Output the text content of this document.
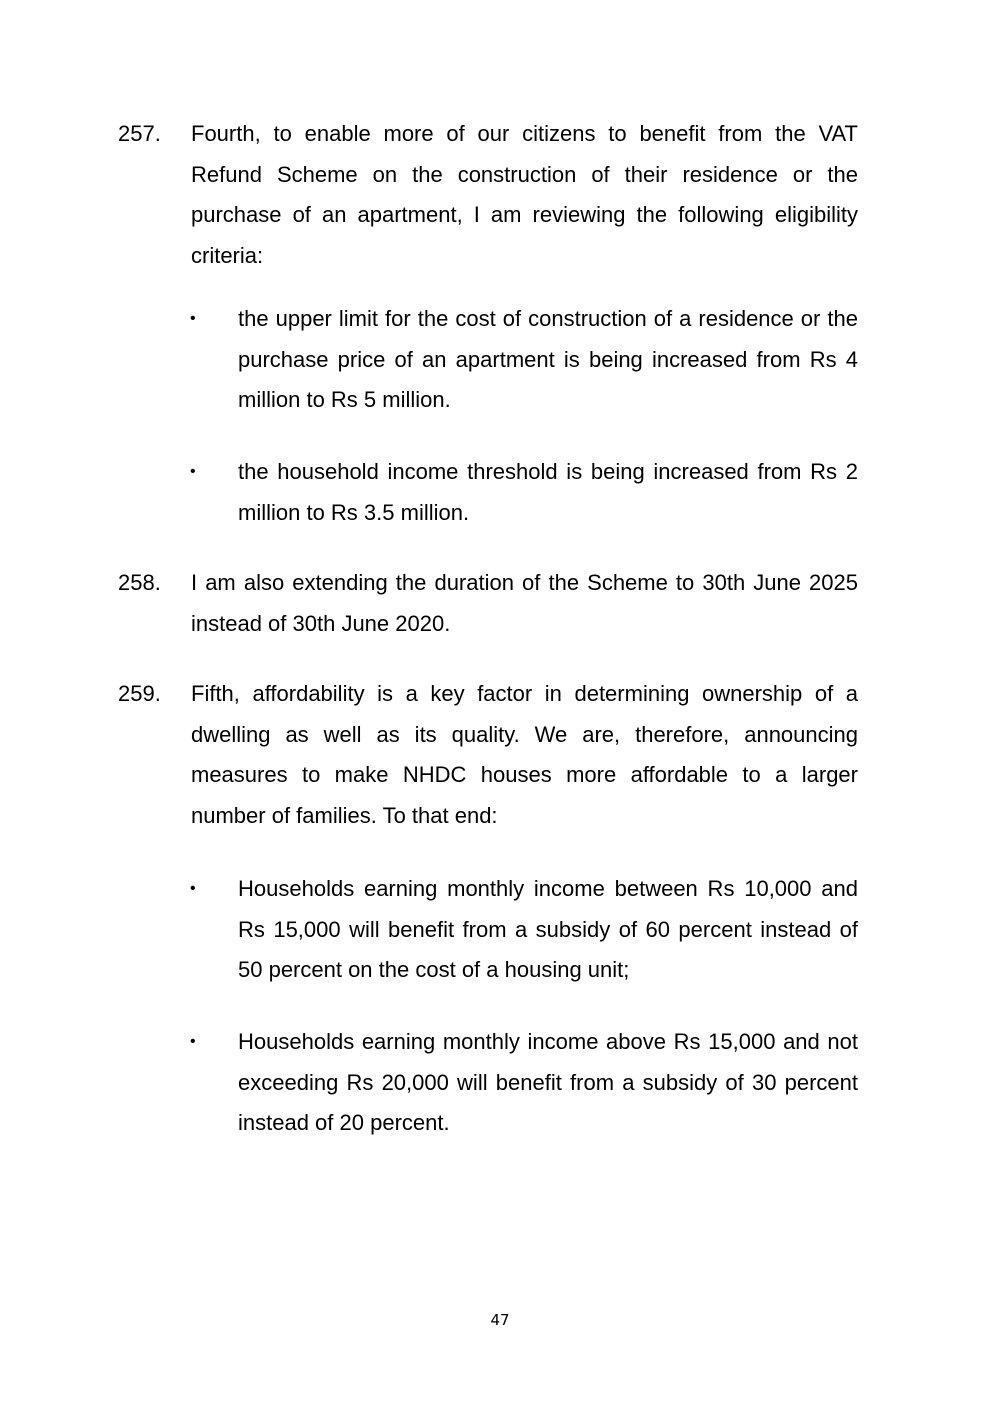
257.	Fourth, to enable more of our citizens to benefit from the VAT Refund Scheme on the construction of their residence or the purchase of an apartment, I am reviewing the following eligibility criteria:
•	the upper limit for the cost of construction of a residence or the purchase price of an apartment is being increased from Rs 4 million to Rs 5 million.
•	the household income threshold is being increased from Rs 2 million to Rs 3.5 million.
258.	I am also extending the duration of the Scheme to 30th June 2025 instead of 30th June 2020.
259.	Fifth, affordability is a key factor in determining ownership of a dwelling as well as its quality. We are, therefore, announcing measures to make NHDC houses more affordable to a larger number of families. To that end:
•	Households earning monthly income between Rs 10,000 and Rs 15,000 will benefit from a subsidy of 60 percent instead of 50 percent on the cost of a housing unit;
•	Households earning monthly income above Rs 15,000 and not exceeding Rs 20,000 will benefit from a subsidy of 30 percent instead of 20 percent.
47
